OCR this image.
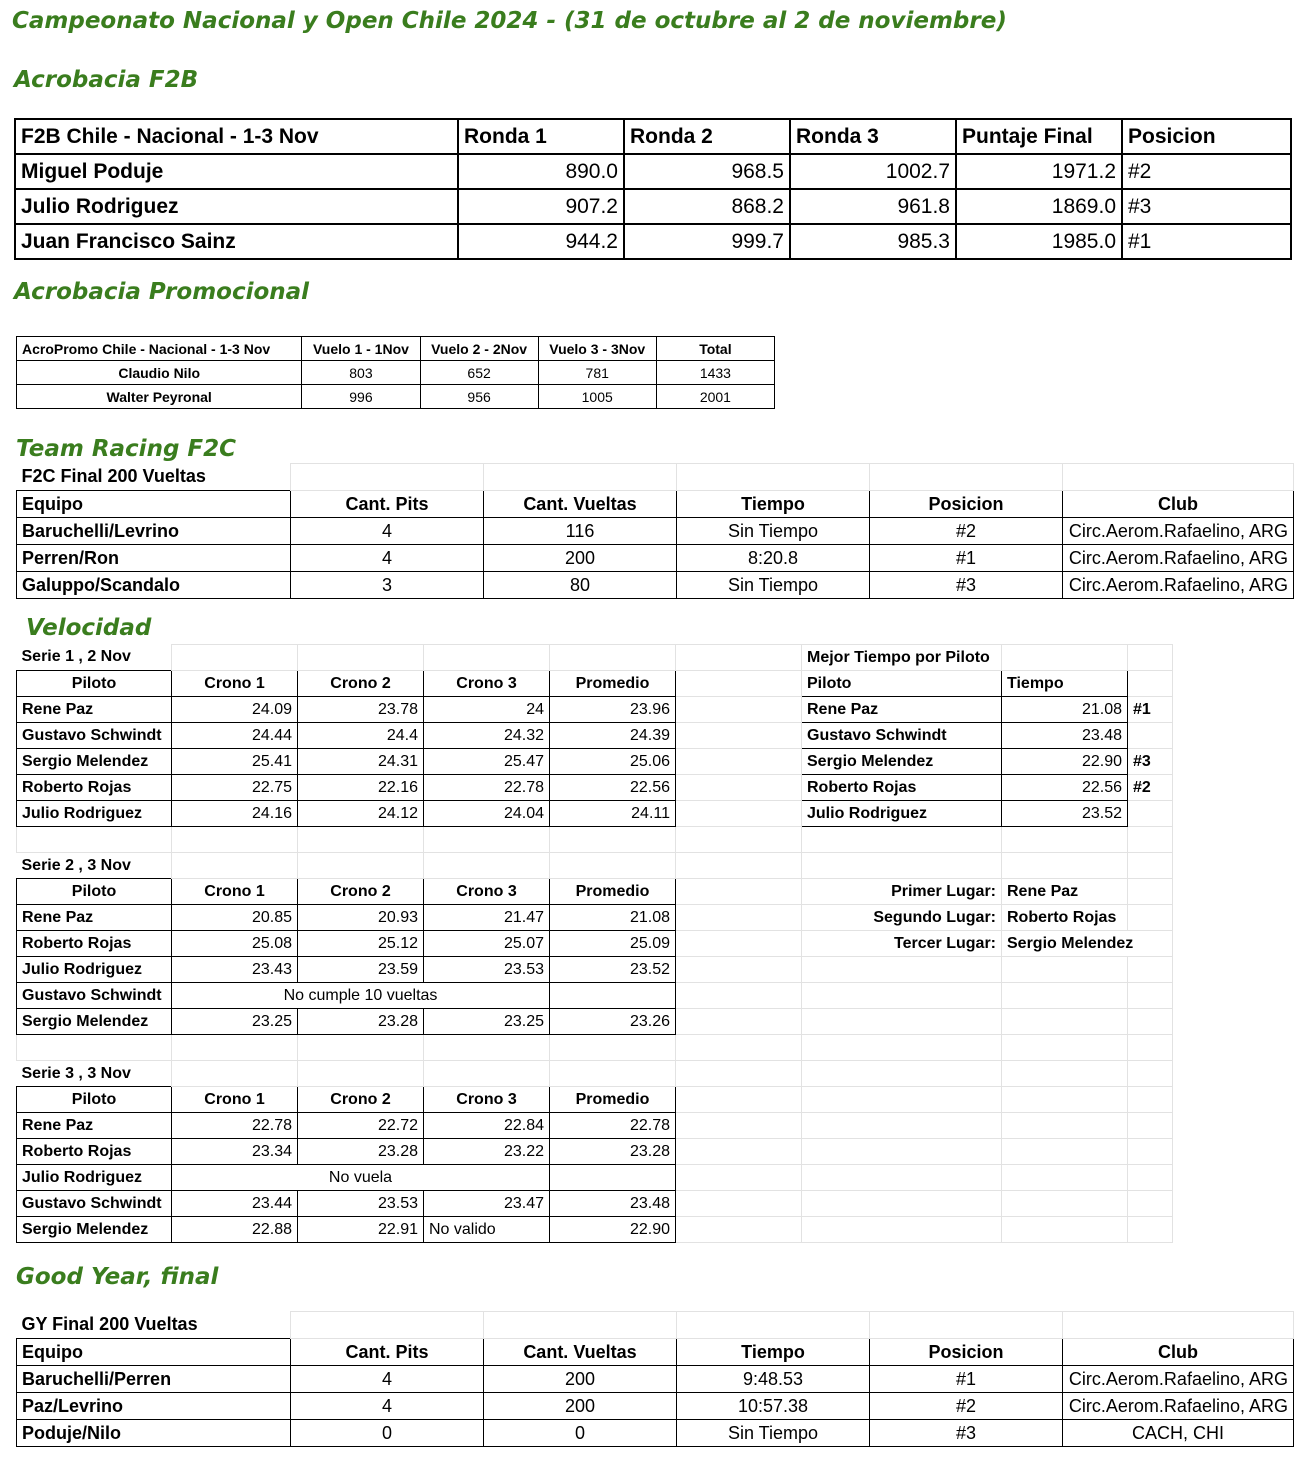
Campeonato Nacional y Open Chile 2024 - (31 de octubre al 2 de noviembre)
Acrobacia F2B
F2B Chile - Nacional - 1-3 Nov	Ronda 1	Ronda 2	Ronda 3	Puntaje Final	Posicion
Miguel Poduje	890.0	968.5	1002.7	1971.2	#2
Julio Rodriguez	907.2	868.2	961.8	1869.0	#3
Juan Francisco Sainz	944.2	999.7	985.3	1985.0	#1
Acrobacia Promocional
AcroPromo Chile - Nacional - 1-3 Nov	Vuelo 1 - 1Nov	Vuelo 2 - 2Nov	Vuelo 3 - 3Nov	Total
Claudio Nilo	803	652	781	1433
Walter Peyronal	996	956	1005	2001
Team Racing F2C
F2C Final 200 Vueltas					
Equipo	Cant. Pits	Cant. Vueltas	Tiempo	Posicion	Club
Baruchelli/Levrino	4	116	Sin Tiempo	#2	Circ.Aerom.Rafaelino, ARG
Perren/Ron	4	200	8:20.8	#1	Circ.Aerom.Rafaelino, ARG
Galuppo/Scandalo	3	80	Sin Tiempo	#3	Circ.Aerom.Rafaelino, ARG
Velocidad
Serie 1 , 2 Nov						Mejor Tiempo por Piloto		
Piloto	Crono 1	Crono 2	Crono 3	Promedio		Piloto	Tiempo	
Rene Paz	24.09	23.78	24	23.96		Rene Paz	21.08	#1
Gustavo Schwindt	24.44	24.4	24.32	24.39		Gustavo Schwindt	23.48	
Sergio Melendez	25.41	24.31	25.47	25.06		Sergio Melendez	22.90	#3
Roberto Rojas	22.75	22.16	22.78	22.56		Roberto Rojas	22.56	#2
Julio Rodriguez	24.16	24.12	24.04	24.11		Julio Rodriguez	23.52	

Serie 2 , 3 Nov								
Piloto	Crono 1	Crono 2	Crono 3	Promedio		Primer Lugar:	Rene Paz	
Rene Paz	20.85	20.93	21.47	21.08		Segundo Lugar:	Roberto Rojas	
Roberto Rojas	25.08	25.12	25.07	25.09		Tercer Lugar:	Sergio Melendez	
Julio Rodriguez	23.43	23.59	23.53	23.52				
Gustavo Schwindt	No cumple 10 vueltas							
Sergio Melendez	23.25	23.28	23.25	23.26				

Serie 3 , 3 Nov								
Piloto	Crono 1	Crono 2	Crono 3	Promedio				
Rene Paz	22.78	22.72	22.84	22.78				
Roberto Rojas	23.34	23.28	23.22	23.28				
Julio Rodriguez	No vuela							
Gustavo Schwindt	23.44	23.53	23.47	23.48				
Sergio Melendez	22.88	22.91	No valido	22.90				
Good Year, final
GY Final 200 Vueltas					
Equipo	Cant. Pits	Cant. Vueltas	Tiempo	Posicion	Club
Baruchelli/Perren	4	200	9:48.53	#1	Circ.Aerom.Rafaelino, ARG
Paz/Levrino	4	200	10:57.38	#2	Circ.Aerom.Rafaelino, ARG
Poduje/Nilo	0	0	Sin Tiempo	#3	CACH, CHI
